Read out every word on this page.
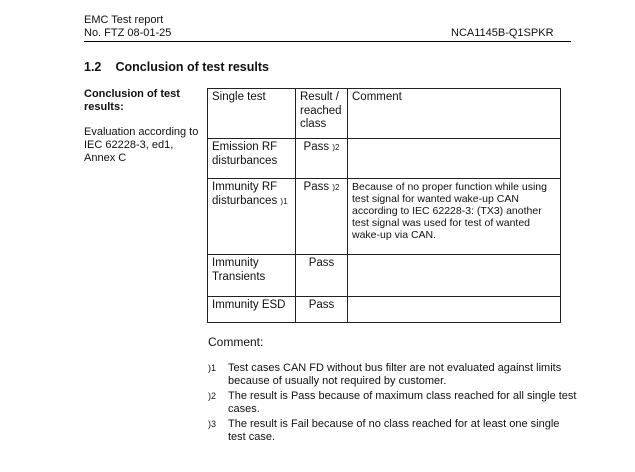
EMC Test report
No. FTZ 08-01-25	NCA1145B-Q1SPKR
1.2 Conclusion of test results
Conclusion of test results:
Evaluation according to IEC 62228-3, ed1, Annex C
Single test	Result / reached class	Comment
Emission RF disturbances	Pass )2	
Immunity RF disturbances )1	Pass )2	Because of no proper function while using test signal for wanted wake-up CAN according to IEC 62228-3: (TX3) another test signal was used for test of wanted wake-up via CAN.
Immunity Transients	Pass	
Immunity ESD	Pass	
Comment:
)1	Test cases CAN FD without bus filter are not evaluated against limits because of usually not required by customer.
)2	The result is Pass because of maximum class reached for all single test cases.
)3	The result is Fail because of no class reached for at least one single test case.
